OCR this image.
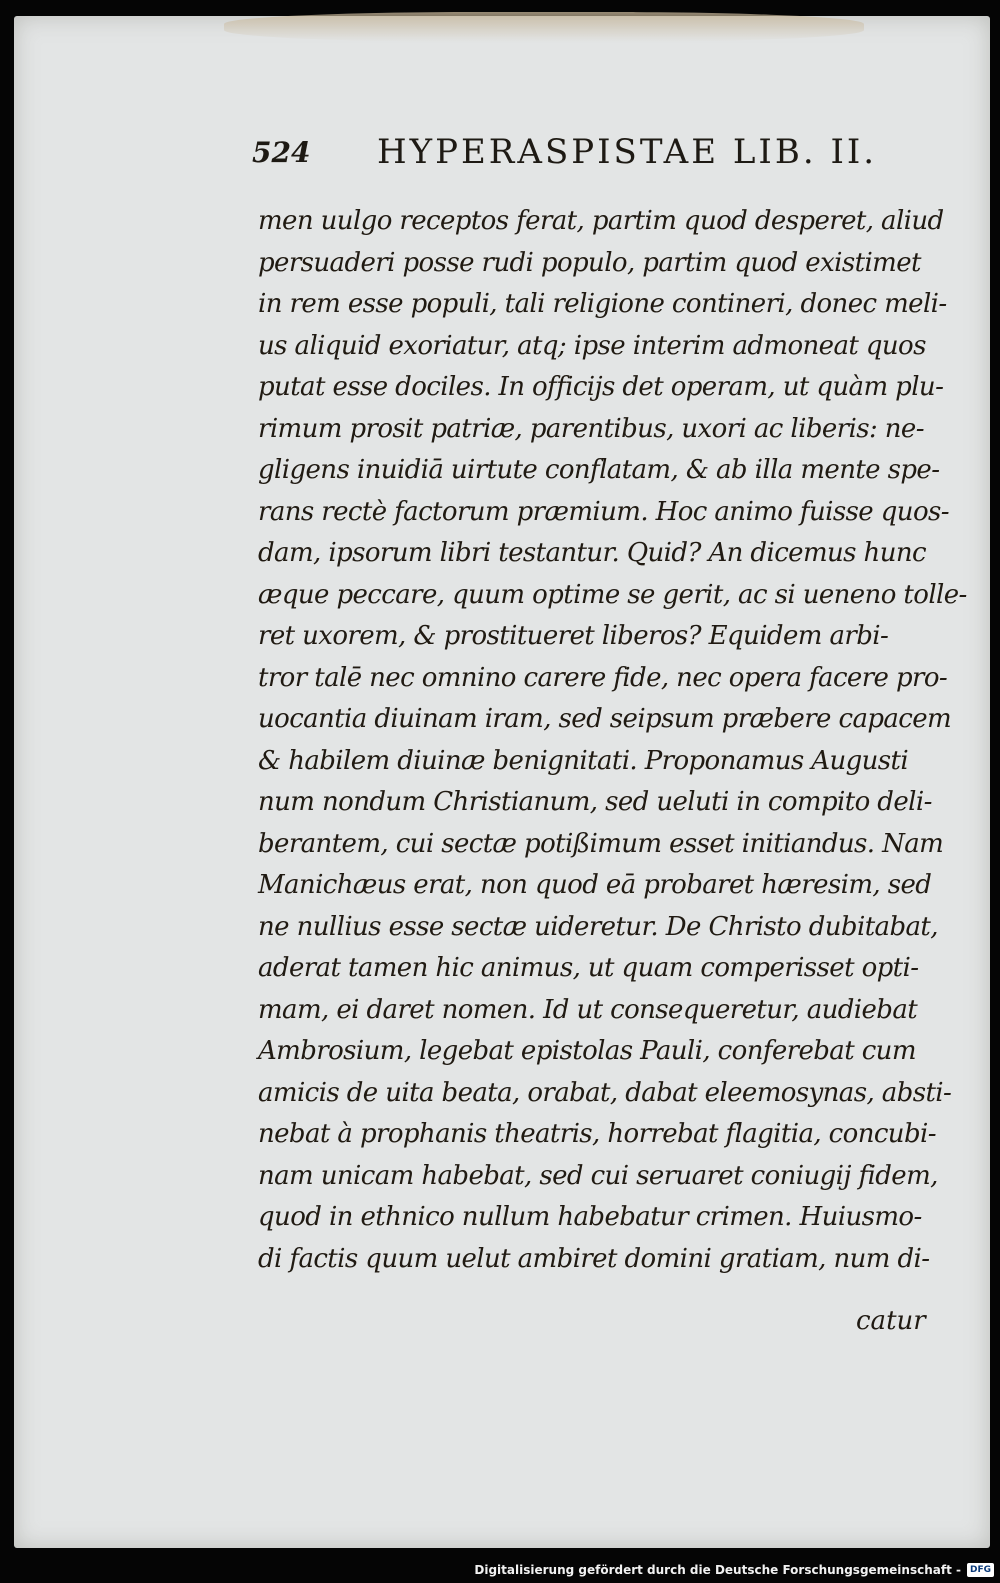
524 HYPERASPISTAE LIB. II.
men uulgo receptos ferat, partim quod desperet, aliud
persuaderi posse rudi populo, partim quod existimet
in rem esse populi, tali religione contineri, donec meli-
us aliquid exoriatur, atq; ipse interim admoneat quos
putat esse dociles. In officijs det operam, ut quàm plu-
rimum prosit patriæ, parentibus, uxori ac liberis: ne-
gligens inuidiā uirtute conflatam, & ab illa mente spe-
rans rectè factorum præmium. Hoc animo fuisse quos-
dam, ipsorum libri testantur. Quid? An dicemus hunc
æque peccare, quum optime se gerit, ac si ueneno tolle-
ret uxorem, & prostitueret liberos? Equidem arbi-
tror talē nec omnino carere fide, nec opera facere pro-
uocantia diuinam iram, sed seipsum præbere capacem
& habilem diuinæ benignitati. Proponamus Augusti
num nondum Christianum, sed ueluti in compito deli-
berantem, cui sectæ potißimum esset initiandus. Nam
Manichæus erat, non quod eā probaret hæresim, sed
ne nullius esse sectæ uideretur. De Christo dubitabat,
aderat tamen hic animus, ut quam comperisset opti-
mam, ei daret nomen. Id ut consequeretur, audiebat
Ambrosium, legebat epistolas Pauli, conferebat cum
amicis de uita beata, orabat, dabat eleemosynas, absti-
nebat à prophanis theatris, horrebat flagitia, concubi-
nam unicam habebat, sed cui seruaret coniugij fidem,
quod in ethnico nullum habebatur crimen. Huiusmo-
di factis quum uelut ambiret domini gratiam, num di-
catur
Digitalisierung gefördert durch die Deutsche Forschungsgemeinschaft -	DFG
